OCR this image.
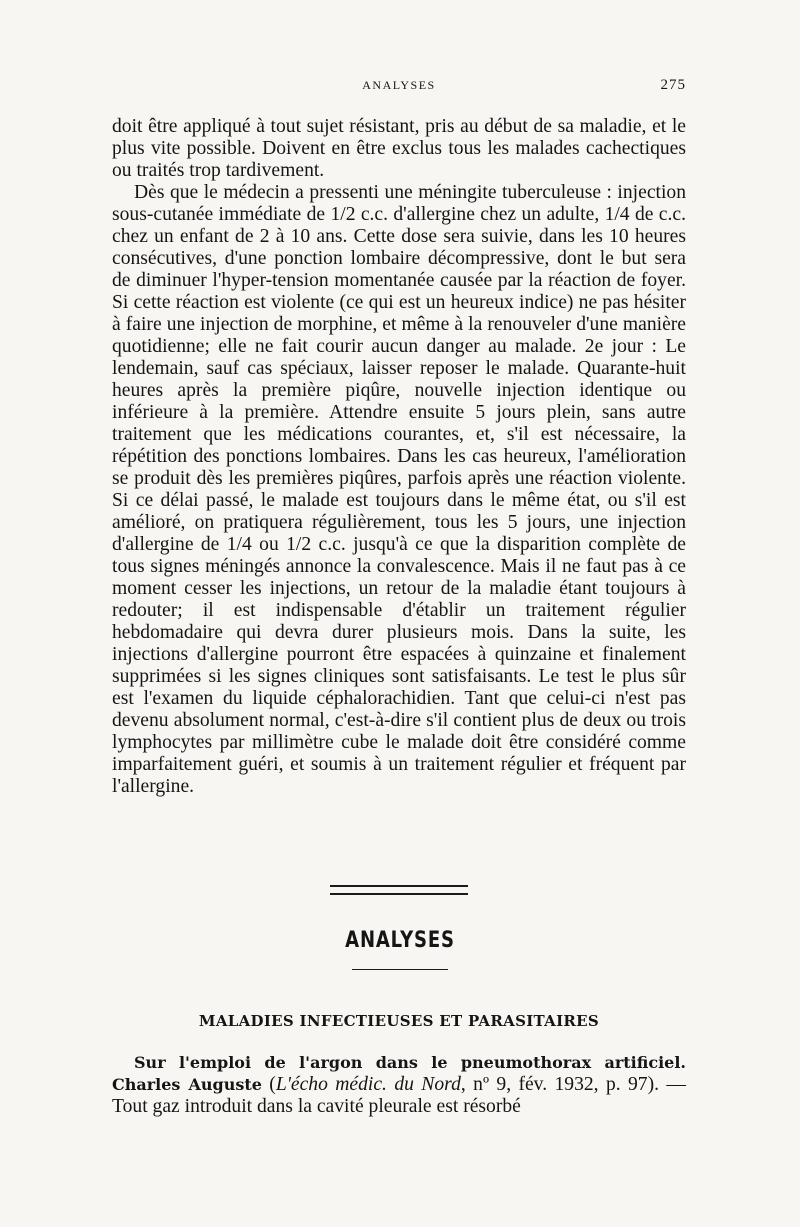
ANALYSES	275

doit être appliqué à tout sujet résistant, pris au début de sa maladie, et le plus vite possible. Doivent en être exclus tous les malades cachectiques ou traités trop tardivement.

Dès que le médecin a pressenti une méningite tuberculeuse : injection sous-cutanée immédiate de 1/2 c.c. d'allergine chez un adulte, 1/4 de c.c. chez un enfant de 2 à 10 ans. Cette dose sera suivie, dans les 10 heures consécutives, d'une ponction lombaire décompressive, dont le but sera de diminuer l'hyper-tension momentanée causée par la réaction de foyer. Si cette réaction est violente (ce qui est un heureux indice) ne pas hésiter à faire une injection de morphine, et même à la renouveler d'une manière quotidienne; elle ne fait courir aucun danger au malade. 2e jour : Le lendemain, sauf cas spéciaux, laisser reposer le malade. Quarante-huit heures après la première piqûre, nouvelle injection identique ou inférieure à la première. Attendre ensuite 5 jours plein, sans autre traitement que les médications courantes, et, s'il est nécessaire, la répétition des ponctions lombaires. Dans les cas heureux, l'amélioration se produit dès les premières piqûres, parfois après une réaction violente. Si ce délai passé, le malade est toujours dans le même état, ou s'il est amélioré, on pratiquera régulièrement, tous les 5 jours, une injection d'allergine de 1/4 ou 1/2 c.c. jusqu'à ce que la disparition complète de tous signes méningés annonce la convalescence. Mais il ne faut pas à ce moment cesser les injections, un retour de la maladie étant toujours à redouter; il est indispensable d'établir un traitement régulier hebdomadaire qui devra durer plusieurs mois. Dans la suite, les injections d'allergine pourront être espacées à quinzaine et finalement supprimées si les signes cliniques sont satisfaisants. Le test le plus sûr est l'examen du liquide céphalorachidien. Tant que celui-ci n'est pas devenu absolument normal, c'est-à-dire s'il contient plus de deux ou trois lymphocytes par millimètre cube le malade doit être considéré comme imparfaitement guéri, et soumis à un traitement régulier et fréquent par l'allergine.

ANALYSES
MALADIES INFECTIEUSES ET PARASITAIRES

Sur l'emploi de l'argon dans le pneumothorax artificiel. Charles Auguste (L'écho médic. du Nord, nº 9, fév. 1932, p. 97). — Tout gaz introduit dans la cavité pleurale est résorbé
